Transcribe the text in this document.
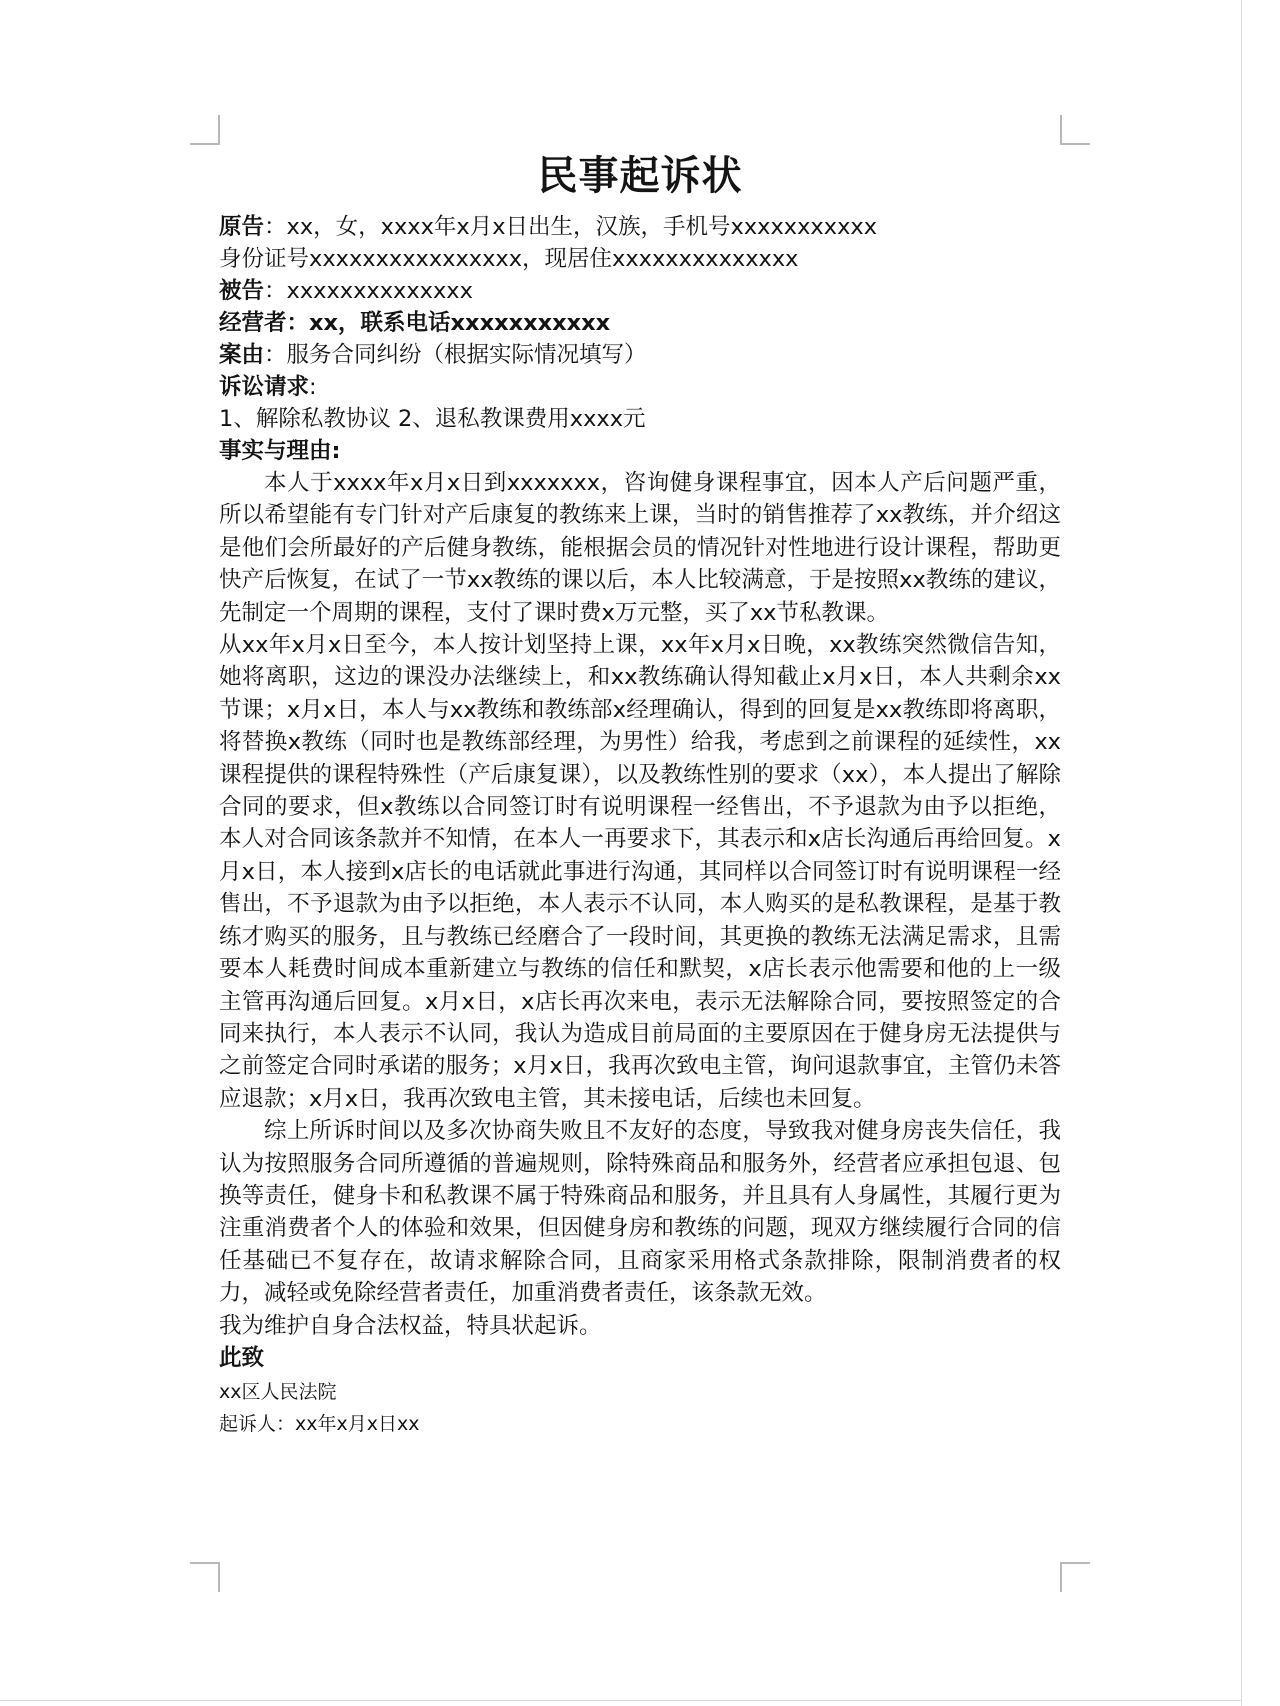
民事起诉状
原告：xx，女，xxxx年x月x日出生，汉族，手机号xxxxxxxxxxx
身份证号xxxxxxxxxxxxxxxx，现居住xxxxxxxxxxxxxx
被告：xxxxxxxxxxxxxx
经营者：xx，联系电话xxxxxxxxxxx
案由：服务合同纠纷（根据实际情况填写）
诉讼请求:
1、解除私教协议 2、退私教课费用xxxx元
事实与理由:

本人于xxxx年x月x日到xxxxxxx，咨询健身课程事宜，因本人产后问题严重，所以希望能有专门针对产后康复的教练来上课，当时的销售推荐了xx教练，并介绍这是他们会所最好的产后健身教练，能根据会员的情况针对性地进行设计课程，帮助更快产后恢复，在试了一节xx教练的课以后，本人比较满意，于是按照xx教练的建议，先制定一个周期的课程，支付了课时费x万元整，买了xx节私教课。

从xx年x月x日至今，本人按计划坚持上课，xx年x月x日晚，xx教练突然微信告知，她将离职，这边的课没办法继续上，和xx教练确认得知截止x月x日，本人共剩余xx节课；x月x日，本人与xx教练和教练部x经理确认，得到的回复是xx教练即将离职，将替换x教练（同时也是教练部经理，为男性）给我，考虑到之前课程的延续性，xx课程提供的课程特殊性（产后康复课），以及教练性别的要求（xx），本人提出了解除合同的要求，但x教练以合同签订时有说明课程一经售出，不予退款为由予以拒绝，本人对合同该条款并不知情，在本人一再要求下，其表示和x店长沟通后再给回复。x月x日，本人接到x店长的电话就此事进行沟通，其同样以合同签订时有说明课程一经售出，不予退款为由予以拒绝，本人表示不认同，本人购买的是私教课程，是基于教练才购买的服务，且与教练已经磨合了一段时间，其更换的教练无法满足需求，且需要本人耗费时间成本重新建立与教练的信任和默契，x店长表示他需要和他的上一级主管再沟通后回复。x月x日，x店长再次来电，表示无法解除合同，要按照签定的合同来执行，本人表示不认同，我认为造成目前局面的主要原因在于健身房无法提供与之前签定合同时承诺的服务；x月x日，我再次致电主管，询问退款事宜，主管仍未答应退款；x月x日，我再次致电主管，其未接电话，后续也未回复。

综上所诉时间以及多次协商失败且不友好的态度，导致我对健身房丧失信任，我认为按照服务合同所遵循的普遍规则，除特殊商品和服务外，经营者应承担包退、包换等责任，健身卡和私教课不属于特殊商品和服务，并且具有人身属性，其履行更为注重消费者个人的体验和效果，但因健身房和教练的问题，现双方继续履行合同的信任基础已不复存在，故请求解除合同，且商家采用格式条款排除，限制消费者的权力，减轻或免除经营者责任，加重消费者责任，该条款无效。

我为维护自身合法权益，特具状起诉。

此致
xx区人民法院
起诉人：xx年x月x日xx
